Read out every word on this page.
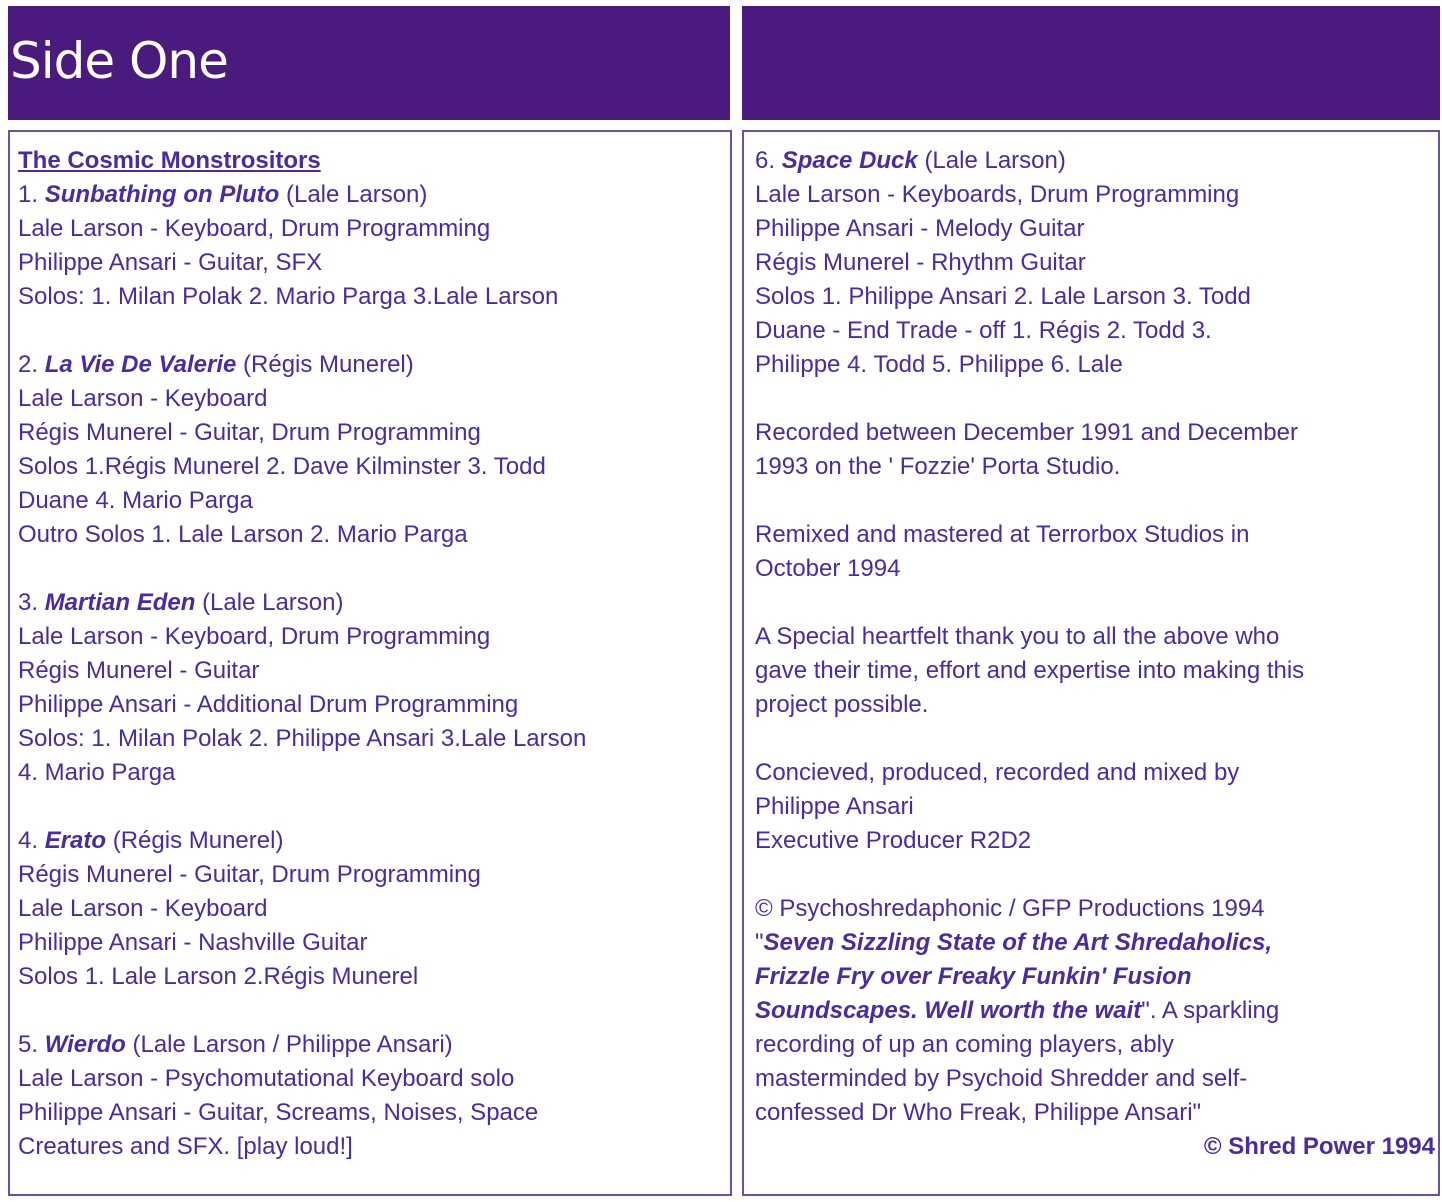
Side One

The Cosmic Monstrositors
1. Sunbathing on Pluto (Lale Larson)
Lale Larson - Keyboard, Drum Programming
Philippe Ansari - Guitar, SFX
Solos: 1. Milan Polak 2. Mario Parga 3.Lale Larson

2. La Vie De Valerie (Régis Munerel)
Lale Larson - Keyboard
Régis Munerel - Guitar, Drum Programming
Solos 1.Régis Munerel 2. Dave Kilminster 3. Todd
Duane 4. Mario Parga
Outro Solos 1. Lale Larson 2. Mario Parga

3. Martian Eden (Lale Larson)
Lale Larson - Keyboard, Drum Programming
Régis Munerel - Guitar
Philippe Ansari - Additional Drum Programming
Solos: 1. Milan Polak 2. Philippe Ansari 3.Lale Larson
4. Mario Parga

4. Erato (Régis Munerel)
Régis Munerel - Guitar, Drum Programming
Lale Larson - Keyboard
Philippe Ansari - Nashville Guitar
Solos 1. Lale Larson 2.Régis Munerel

5. Wierdo (Lale Larson / Philippe Ansari)
Lale Larson - Psychomutational Keyboard solo
Philippe Ansari - Guitar, Screams, Noises, Space
Creatures and SFX. [play loud!]

6. Space Duck (Lale Larson)
Lale Larson - Keyboards, Drum Programming
Philippe Ansari - Melody Guitar
Régis Munerel - Rhythm Guitar
Solos 1. Philippe Ansari 2. Lale Larson 3. Todd
Duane - End Trade - off 1. Régis 2. Todd 3.
Philippe 4. Todd 5. Philippe 6. Lale

Recorded between December 1991 and December
1993 on the ' Fozzie' Porta Studio.

Remixed and mastered at Terrorbox Studios in
October 1994

A Special heartfelt thank you to all the above who
gave their time, effort and expertise into making this
project possible.

Concieved, produced, recorded and mixed by
Philippe Ansari
Executive Producer R2D2

© Psychoshredaphonic / GFP Productions 1994
"Seven Sizzling State of the Art Shredaholics,
Frizzle Fry over Freaky Funkin' Fusion
Soundscapes. Well worth the wait". A sparkling
recording of up an coming players, ably
masterminded by Psychoid Shredder and self-
confessed Dr Who Freak, Philippe Ansari"
© Shred Power 1994
